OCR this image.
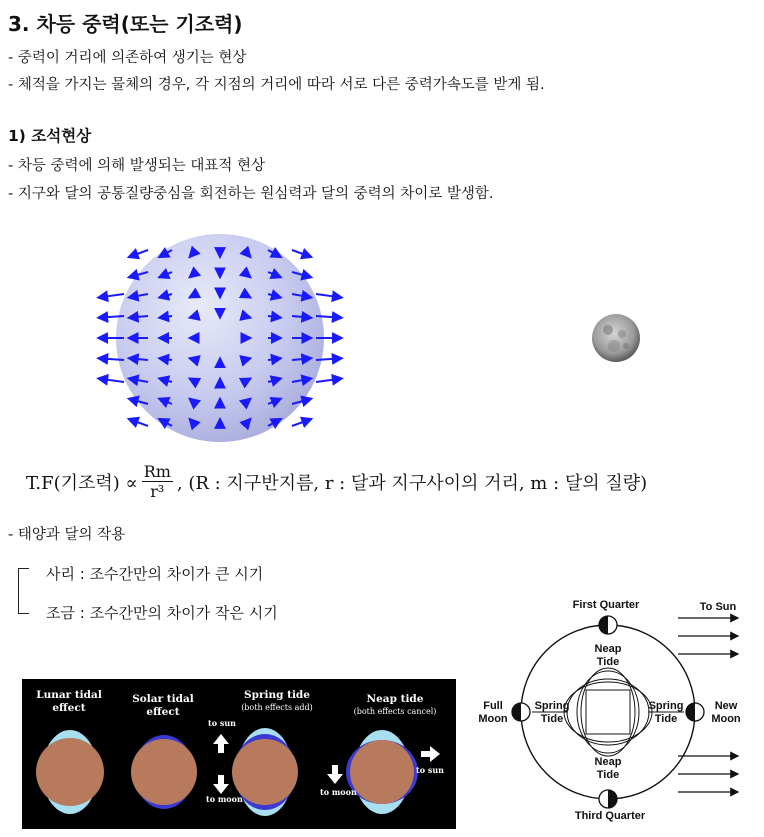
3. 차등 중력(또는 기조력)
- 중력이 거리에 의존하여 생기는 현상
- 체적을 가지는 물체의 경우, 각 지점의 거리에 따라 서로 다른 중력가속도를 받게 됨.
1) 조석현상
- 차등 중력에 의해 발생되는 대표적 현상
- 지구와 달의 공통질량중심을 회전하는 원심력과 달의 중력의 차이로 발생함.
T.F(기조력) ∝ $\frac{Rm}{\text{r³}}$ , (R : 지구반지름, r : 달과 지구사이의 거리, m : 달의 질량)
- 태양과 달의 작용
사리 : 조수간만의 차이가 큰 시기
조금 : 조수간만의 차이가 작은 시기
Lunar tidal effect
Solar tidal effect
Spring tide
(both effects add)
Neap tide
(both effects cancel)
to sun
to moon
to sun
to moon
First Quarter	To Sun
Neap Tide
Full Moon
Spring Tide
Spring Tide
New Moon
Neap Tide
Third Quarter
